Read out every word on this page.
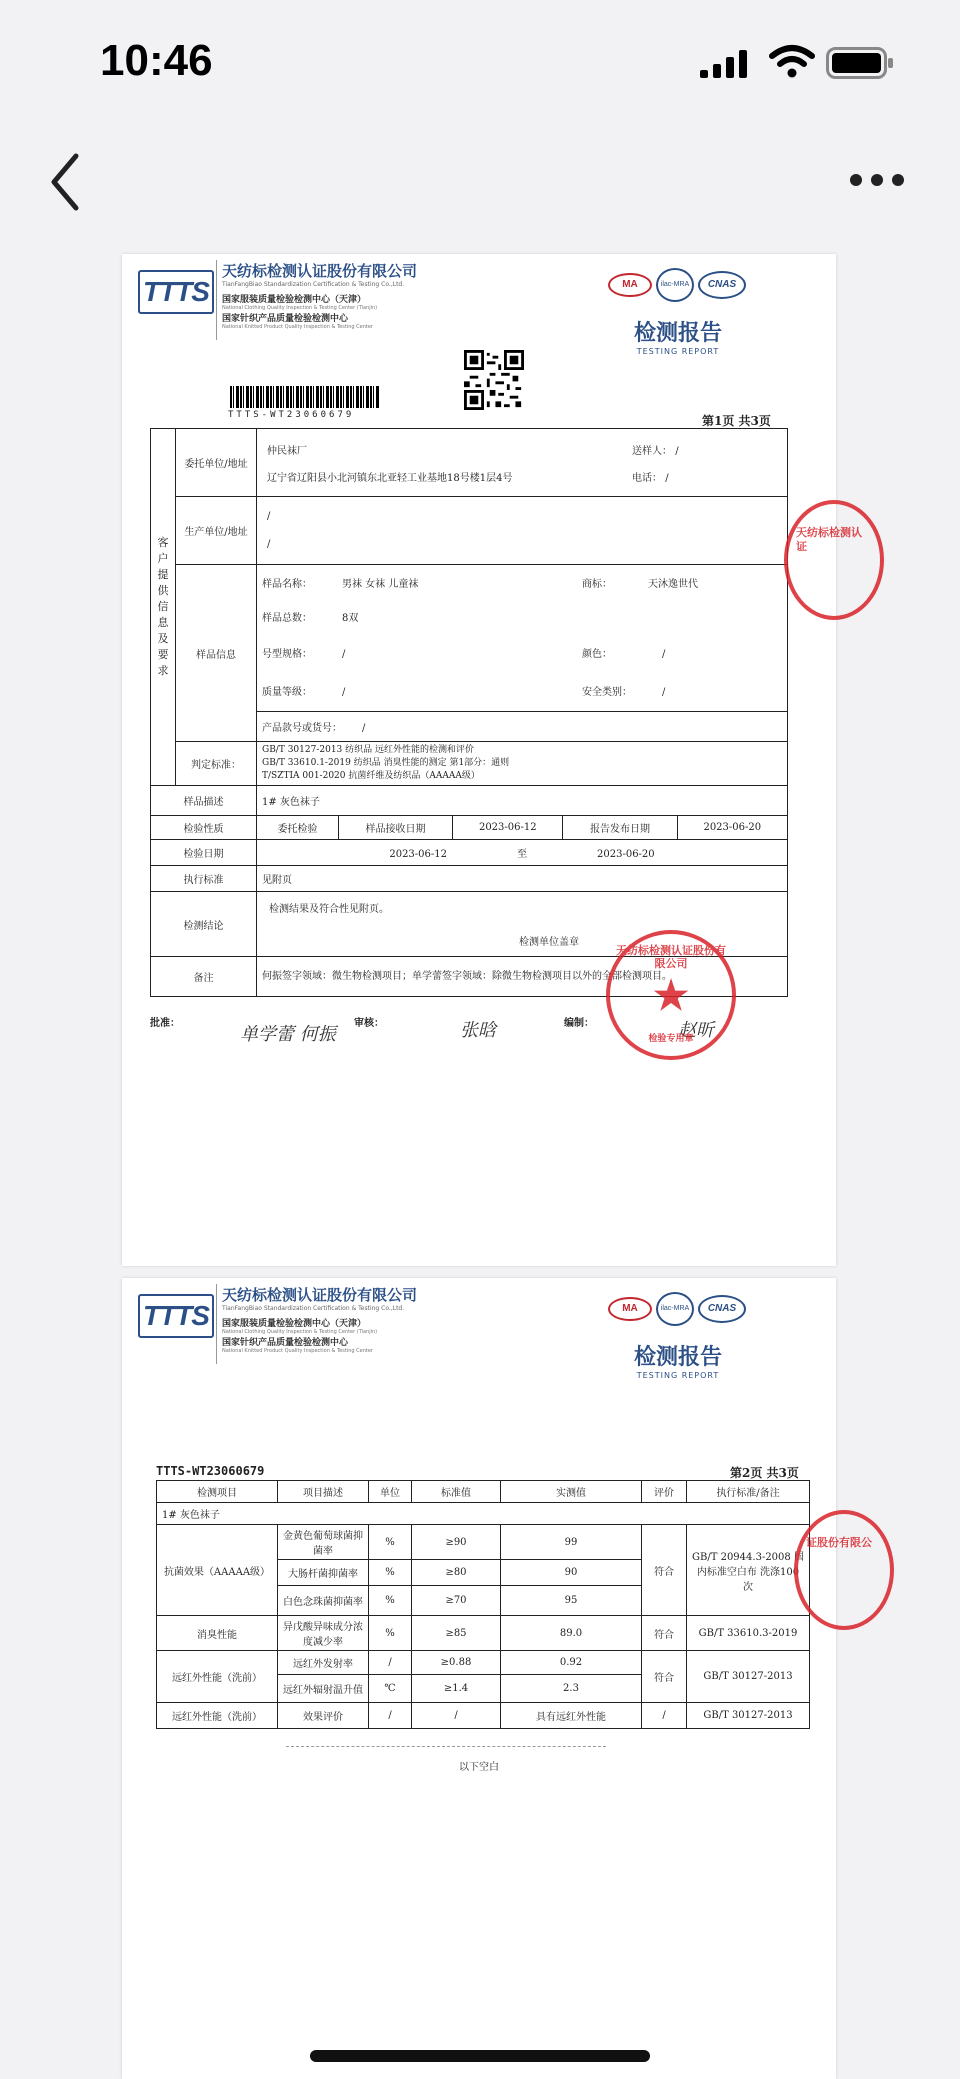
10:46
TTTS
天纺标检测认证股份有限公司
TianFangBiao Standardization Certification & Testing Co.,Ltd.
国家服装质量检验检测中心（天津）
National Clothing Quality Inspection & Testing Center (Tianjin)
国家针织产品质量检验检测中心
National Knitted Product Quality Inspection & Testing Center
MA	ilac-MRA CNAS
检测报告
TESTING REPORT
TTTS-WT23060679	第1页 共3页
客户提供信息及要求	委托单位/地址	
仲民袜厂	送样人： /
辽宁省辽阳县小北河镇东北亚轻工业基地18号楼1层4号	电话： /

生产单位/地址	
/
/

样品信息	
样品名称：	男袜 女袜 儿童袜	商标：	天沐逸世代
样品总数：	8双	
号型规格：	/	颜色：	/
质量等级：	/	安全类别：	/
产品款号或货号： /

判定标准：	
GB/T 30127-2013 纺织品 远红外性能的检测和评价
GB/T 33610.1-2019 纺织品 消臭性能的测定 第1部分：通则
T/SZTIA 001-2020 抗菌纤维及纺织品（AAAAA级）

样品描述	1# 灰色袜子
检验性质	委托检验	样品接收日期	2023-06-12	报告发布日期	2023-06-20
检验日期	2023-06-12	至	2023-06-20
执行标准	见附页
检测结论	
检测结果及符合性见附页。
检测单位盖章

备注	何振签字领域：微生物检测项目；单学蕾签字领域：除微生物检测项目以外的全部检测项目。
批准：
单学蕾 何振
审核：	张晗	编制：	赵昕
天纺标检测认证股份有限公司
★
检验专用章
天纺标检测认证
TTTS
天纺标检测认证股份有限公司
TianFangBiao Standardization Certification & Testing Co.,Ltd.
国家服装质量检验检测中心（天津）
National Clothing Quality Inspection & Testing Center (Tianjin)
国家针织产品质量检验检测中心
National Knitted Product Quality Inspection & Testing Center
MA	ilac-MRA CNAS
检测报告
TESTING REPORT
TTTS-WT23060679	第2页 共3页
检测项目	项目描述	单位	标准值	实测值	评价	执行标准/备注
1# 灰色袜子						
抗菌效果（AAAAA级）	金黄色葡萄球菌抑菌率	%	≥90	99	符合	GB/T 20944.3-2008 国内标准空白布 洗涤100次
	大肠杆菌抑菌率	%	≥80	90		
	白色念珠菌抑菌率	%	≥70	95		
消臭性能	异戊酸异味成分浓度减少率	%	≥85	89.0	符合	GB/T 33610.3-2019
远红外性能（洗前）	远红外发射率	/	≥0.88	0.92	符合	GB/T 30127-2013
	远红外辐射温升值	℃	≥1.4	2.3		
远红外性能（洗前）	效果评价	/	/	具有远红外性能	/	GB/T 30127-2013
以下空白
证股份有限公
